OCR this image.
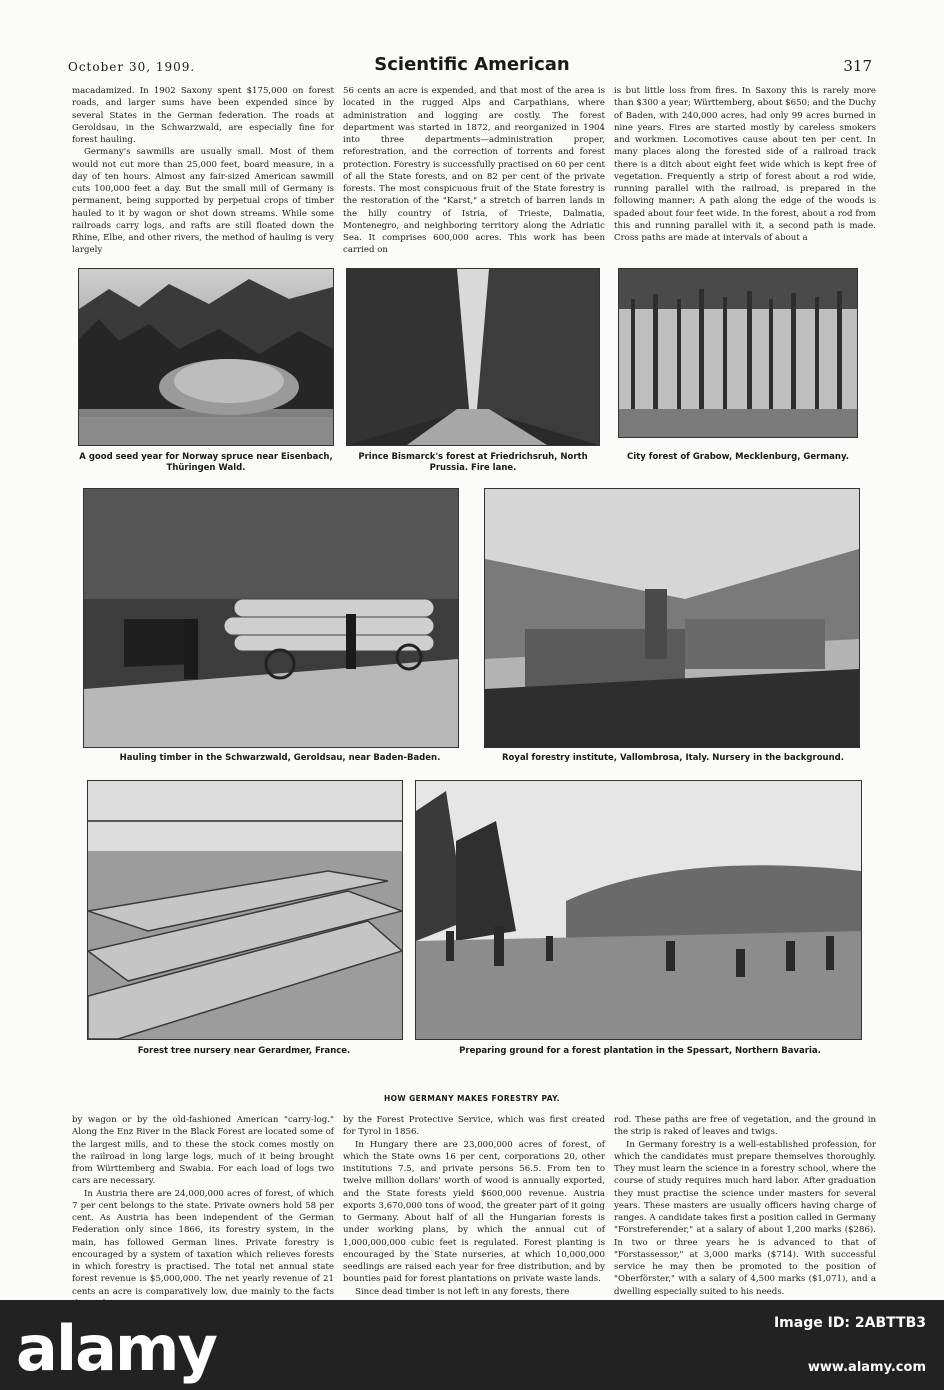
October 30, 1909.	Scientific American	317

macadamized. In 1902 Saxony spent $175,000 on forest roads, and larger sums have been expended since by several States in the German federation. The roads at Geroldsau, in the Schwarzwald, are especially fine for forest hauling.

Germany's sawmills are usually small. Most of them would not cut more than 25,000 feet, board measure, in a day of ten hours. Almost any fair-sized American sawmill cuts 100,000 feet a day. But the small mill of Germany is permanent, being supported by perpetual crops of timber hauled to it by wagon or shot down streams. While some railroads carry logs, and rafts are still floated down the Rhine, Elbe, and other rivers, the method of hauling is very largely

56 cents an acre is expended, and that most of the area is located in the rugged Alps and Carpathians, where administration and logging are costly. The forest department was started in 1872, and reorganized in 1904 into three departments—administration proper, reforestration, and the correction of torrents and forest protection. Forestry is successfully practised on 60 per cent of all the State forests, and on 82 per cent of the private forests. The most conspicuous fruit of the State forestry is the restoration of the "Karst," a stretch of barren lands in the hilly country of Istria, of Trieste, Dalmatia, Montenegro, and neighboring territory along the Adriatic Sea. It comprises 600,000 acres. This work has been carried on

is but little loss from fires. In Saxony this is rarely more than $300 a year; Württemberg, about $650; and the Duchy of Baden, with 240,000 acres, had only 99 acres burned in nine years. Fires are started mostly by careless smokers and workmen. Locomotives cause about ten per cent. In many places along the forested side of a railroad track there is a ditch about eight feet wide which is kept free of vegetation. Frequently a strip of forest about a rod wide, running parallel with the railroad, is prepared in the following manner: A path along the edge of the woods is spaded about four feet wide. In the forest, about a rod from this and running parallel with it, a second path is made. Cross paths are made at intervals of about a

A good seed year for Norway spruce near Eisenbach, Thüringen Wald.
Prince Bismarck's forest at Friedrichsruh, North Prussia. Fire lane.
City forest of Grabow, Mecklenburg, Germany.
Hauling timber in the Schwarzwald, Geroldsau, near Baden-Baden.	Royal forestry institute, Vallombrosa, Italy. Nursery in the background.
Forest tree nursery near Gerardmer, France.	Preparing ground for a forest plantation in the Spessart, Northern Bavaria.
HOW GERMANY MAKES FORESTRY PAY.

by wagon or by the old-fashioned American "carry-log." Along the Enz River in the Black Forest are located some of the largest mills, and to these the stock comes mostly on the railroad in long large logs, much of it being brought from Württemberg and Swabia. For each load of logs two cars are necessary.

In Austria there are 24,000,000 acres of forest, of which 7 per cent belongs to the state. Private owners hold 58 per cent. As Austria has been independent of the German Federation only since 1866, its forestry system, in the main, has followed German lines. Private forestry is encouraged by a system of taxation which relieves forests in which forestry is practised. The total net annual state forest revenue is $5,000,000. The net yearly revenue of 21 cents an acre is comparatively low, due mainly to the facts

by the Forest Protective Service, which was first created for Tyrol in 1856.

In Hungary there are 23,000,000 acres of forest, of which the State owns 16 per cent, corporations 20, other institutions 7.5, and private persons 56.5. From ten to twelve million dollars' worth of wood is annually exported, and the State forests yield $600,000 revenue. Austria exports 3,670,000 tons of wood, the greater part of it going to Germany. About half of all the Hungarian forests is under working plans, by which the annual cut of 1,000,000,000 cubic feet is regulated. Forest planting is encouraged by the State nurseries, at which 10,000,000 seedlings are raised each year for free distribution, and by bounties paid for forest plantations on private waste lands.

Since dead timber is not left in any forests, there

rod. These paths are free of vegetation, and the ground in the strip is raked of leaves and twigs.

In Germany forestry is a well-established profession, for which the candidates must prepare themselves thoroughly. They must learn the science in a forestry school, where the course of study requires much hard labor. After graduation they must practise the science under masters for several years. These masters are usually officers having charge of ranges. A candidate takes first a position called in Germany "Forstreferender," at a salary of about 1,200 marks ($286). In two or three years he is advanced to that of "Forstassessor," at 3,000 marks ($714). With successful service he may then be promoted to the position of "Oberförster," with a salary of 4,500 marks ($1,071), and a dwelling especially suited to his needs.

alamy	Image ID: 2ABTTB3
www.alamy.com
